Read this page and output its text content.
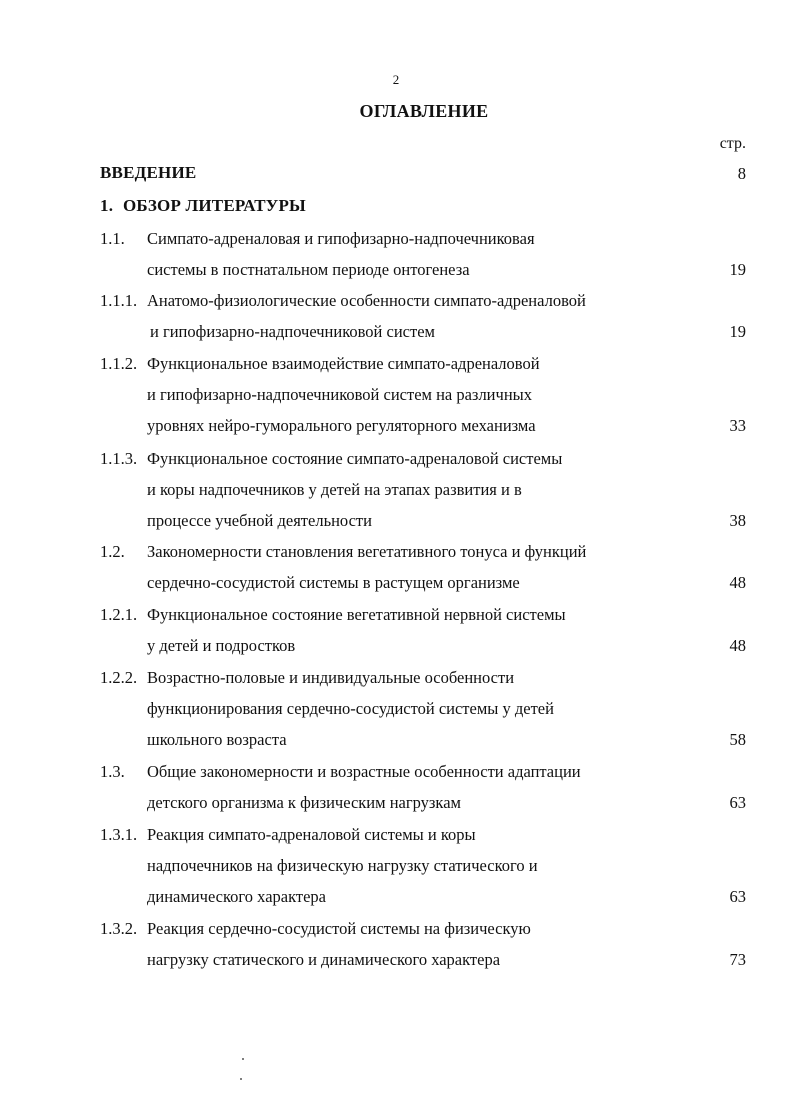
2
ОГЛАВЛЕНИЕ
стр.
ВВЕДЕНИЕ	8
1. ОБЗОР ЛИТЕРАТУРЫ
1.1. Симпато-адреналовая и гипофизарно-надпочечниковая
системы в постнатальном периоде онтогенеза	19
1.1.1. Анатомо-физиологические особенности симпато-адреналовой
и гипофизарно-надпочечниковой систем	19
1.1.2. Функциональное взаимодействие симпато-адреналовой
и гипофизарно-надпочечниковой систем на различных
уровнях нейро-гуморального регуляторного механизма	33
1.1.3. Функциональное состояние симпато-адреналовой системы
и коры надпочечников у детей на этапах развития и в
процессе учебной деятельности	38
1.2. Закономерности становления вегетативного тонуса и функций
сердечно-сосудистой системы в растущем организме	48
1.2.1. Функциональное состояние вегетативной нервной системы
у детей и подростков	48
1.2.2. Возрастно-половые и индивидуальные особенности
функционирования сердечно-сосудистой системы у детей
школьного возраста	58
1.3. Общие закономерности и возрастные особенности адаптации
детского организма к физическим нагрузкам	63
1.3.1. Реакция симпато-адреналовой системы и коры
надпочечников на физическую нагрузку статического и
динамического характера	63
1.3.2. Реакция сердечно-сосудистой системы на физическую
нагрузку статического и динамического характера	73
